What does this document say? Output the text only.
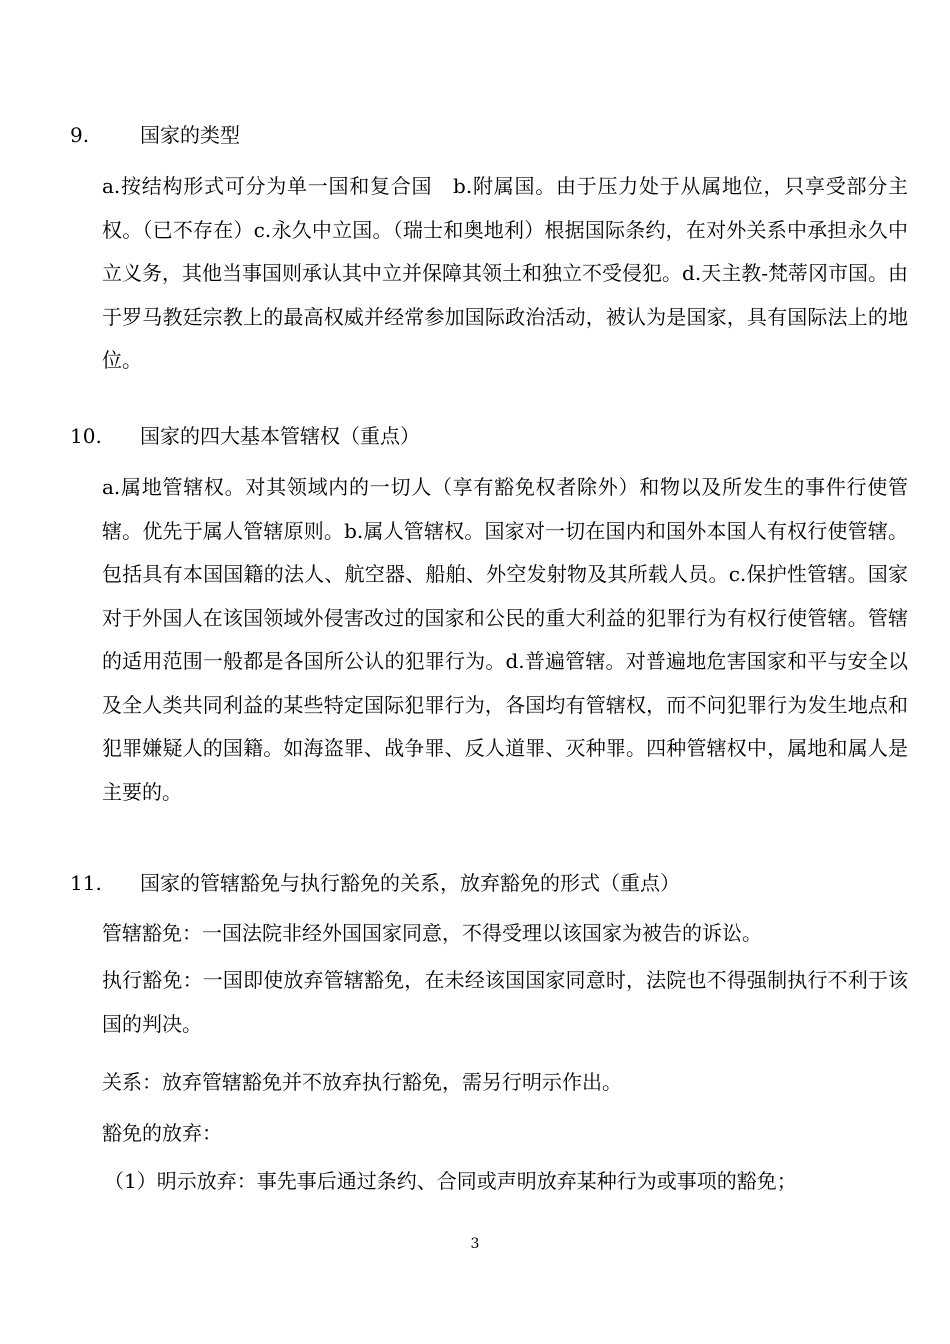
9.	国家的类型
a.按结构形式可分为单一国和复合国　b.附属国。由于压力处于从属地位，只享受部分主权。（已不存在）c.永久中立国。（瑞士和奥地利）根据国际条约，在对外关系中承担永久中立义务，其他当事国则承认其中立并保障其领土和独立不受侵犯。d.天主教-梵蒂冈市国。由于罗马教廷宗教上的最高权威并经常参加国际政治活动，被认为是国家，具有国际法上的地位。
10. 国家的四大基本管辖权（重点）
a.属地管辖权。对其领域内的一切人（享有豁免权者除外）和物以及所发生的事件行使管辖。优先于属人管辖原则。b.属人管辖权。国家对一切在国内和国外本国人有权行使管辖。包括具有本国国籍的法人、航空器、船舶、外空发射物及其所载人员。c.保护性管辖。国家对于外国人在该国领域外侵害改过的国家和公民的重大利益的犯罪行为有权行使管辖。管辖的适用范围一般都是各国所公认的犯罪行为。d.普遍管辖。对普遍地危害国家和平与安全以及全人类共同利益的某些特定国际犯罪行为，各国均有管辖权，而不问犯罪行为发生地点和犯罪嫌疑人的国籍。如海盗罪、战争罪、反人道罪、灭种罪。四种管辖权中，属地和属人是主要的。
11. 国家的管辖豁免与执行豁免的关系，放弃豁免的形式（重点）
管辖豁免：一国法院非经外国国家同意，不得受理以该国家为被告的诉讼。
执行豁免：一国即使放弃管辖豁免，在未经该国国家同意时，法院也不得强制执行不利于该国的判决。
关系：放弃管辖豁免并不放弃执行豁免，需另行明示作出。
豁免的放弃：
（1）明示放弃：事先事后通过条约、合同或声明放弃某种行为或事项的豁免；
3
